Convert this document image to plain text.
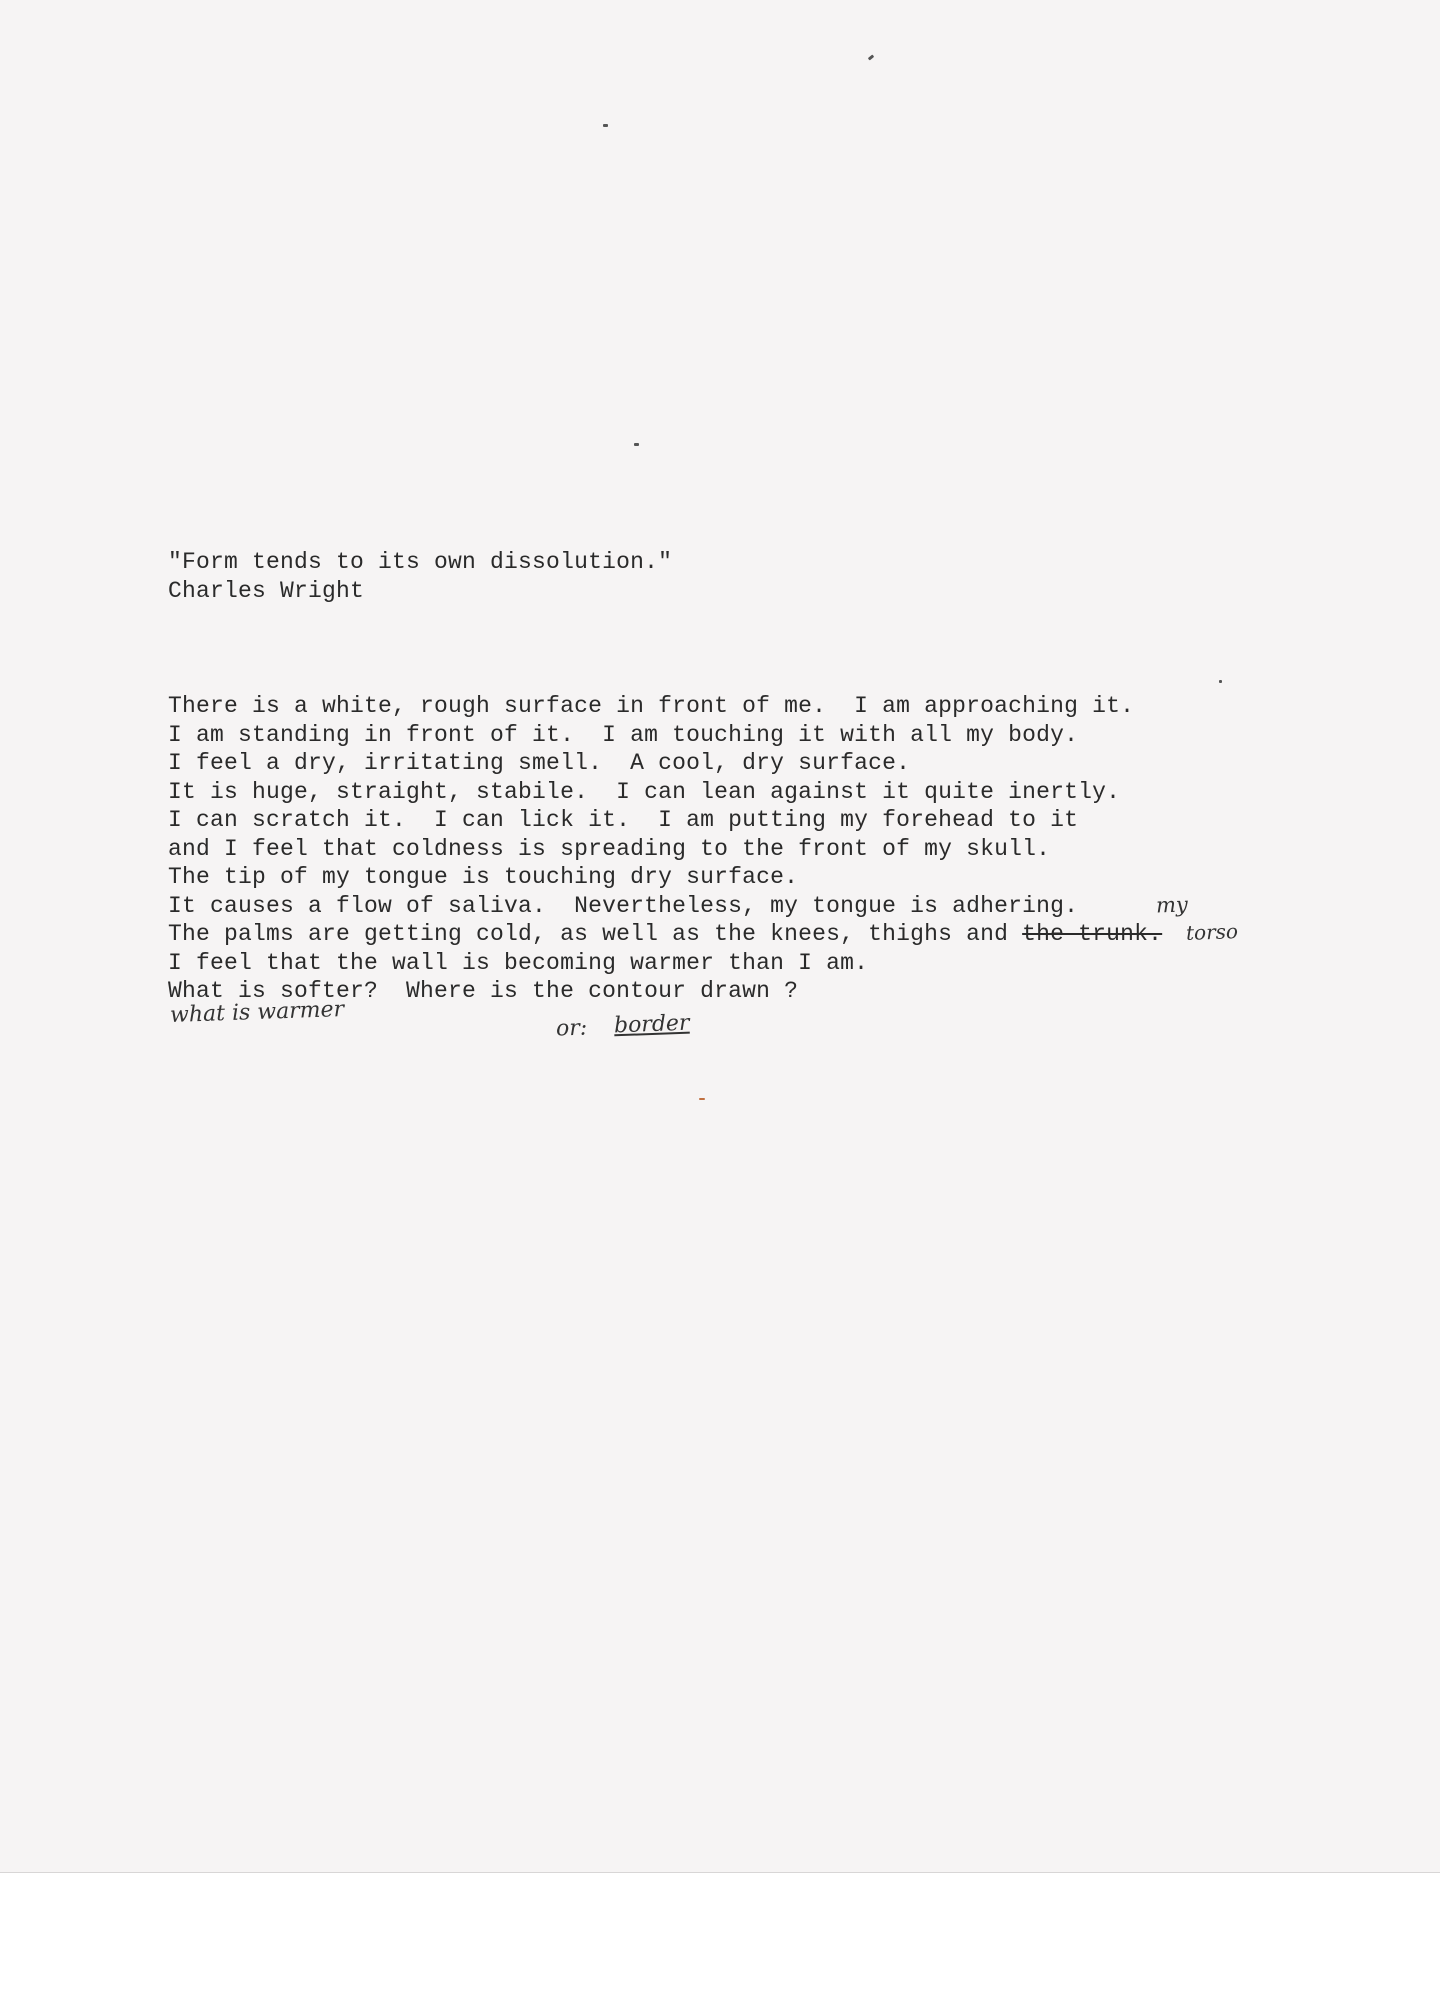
"Form tends to its own dissolution."
Charles Wright
There is a white, rough surface in front of me.  I am approaching it.
I am standing in front of it.  I am touching it with all my body.
I feel a dry, irritating smell.  A cool, dry surface.
It is huge, straight, stabile.  I can lean against it quite inertly.
I can scratch it.  I can lick it.  I am putting my forehead to it
and I feel that coldness is spreading to the front of my skull.
The tip of my tongue is touching dry surface.
It causes a flow of saliva.  Nevertheless, my tongue is adhering.
The palms are getting cold, as well as the knees, thighs and the trunk.
I feel that the wall is becoming warmer than I am.
What is softer?  Where is the contour drawn ?
my
torso
what is warmer
or: border
